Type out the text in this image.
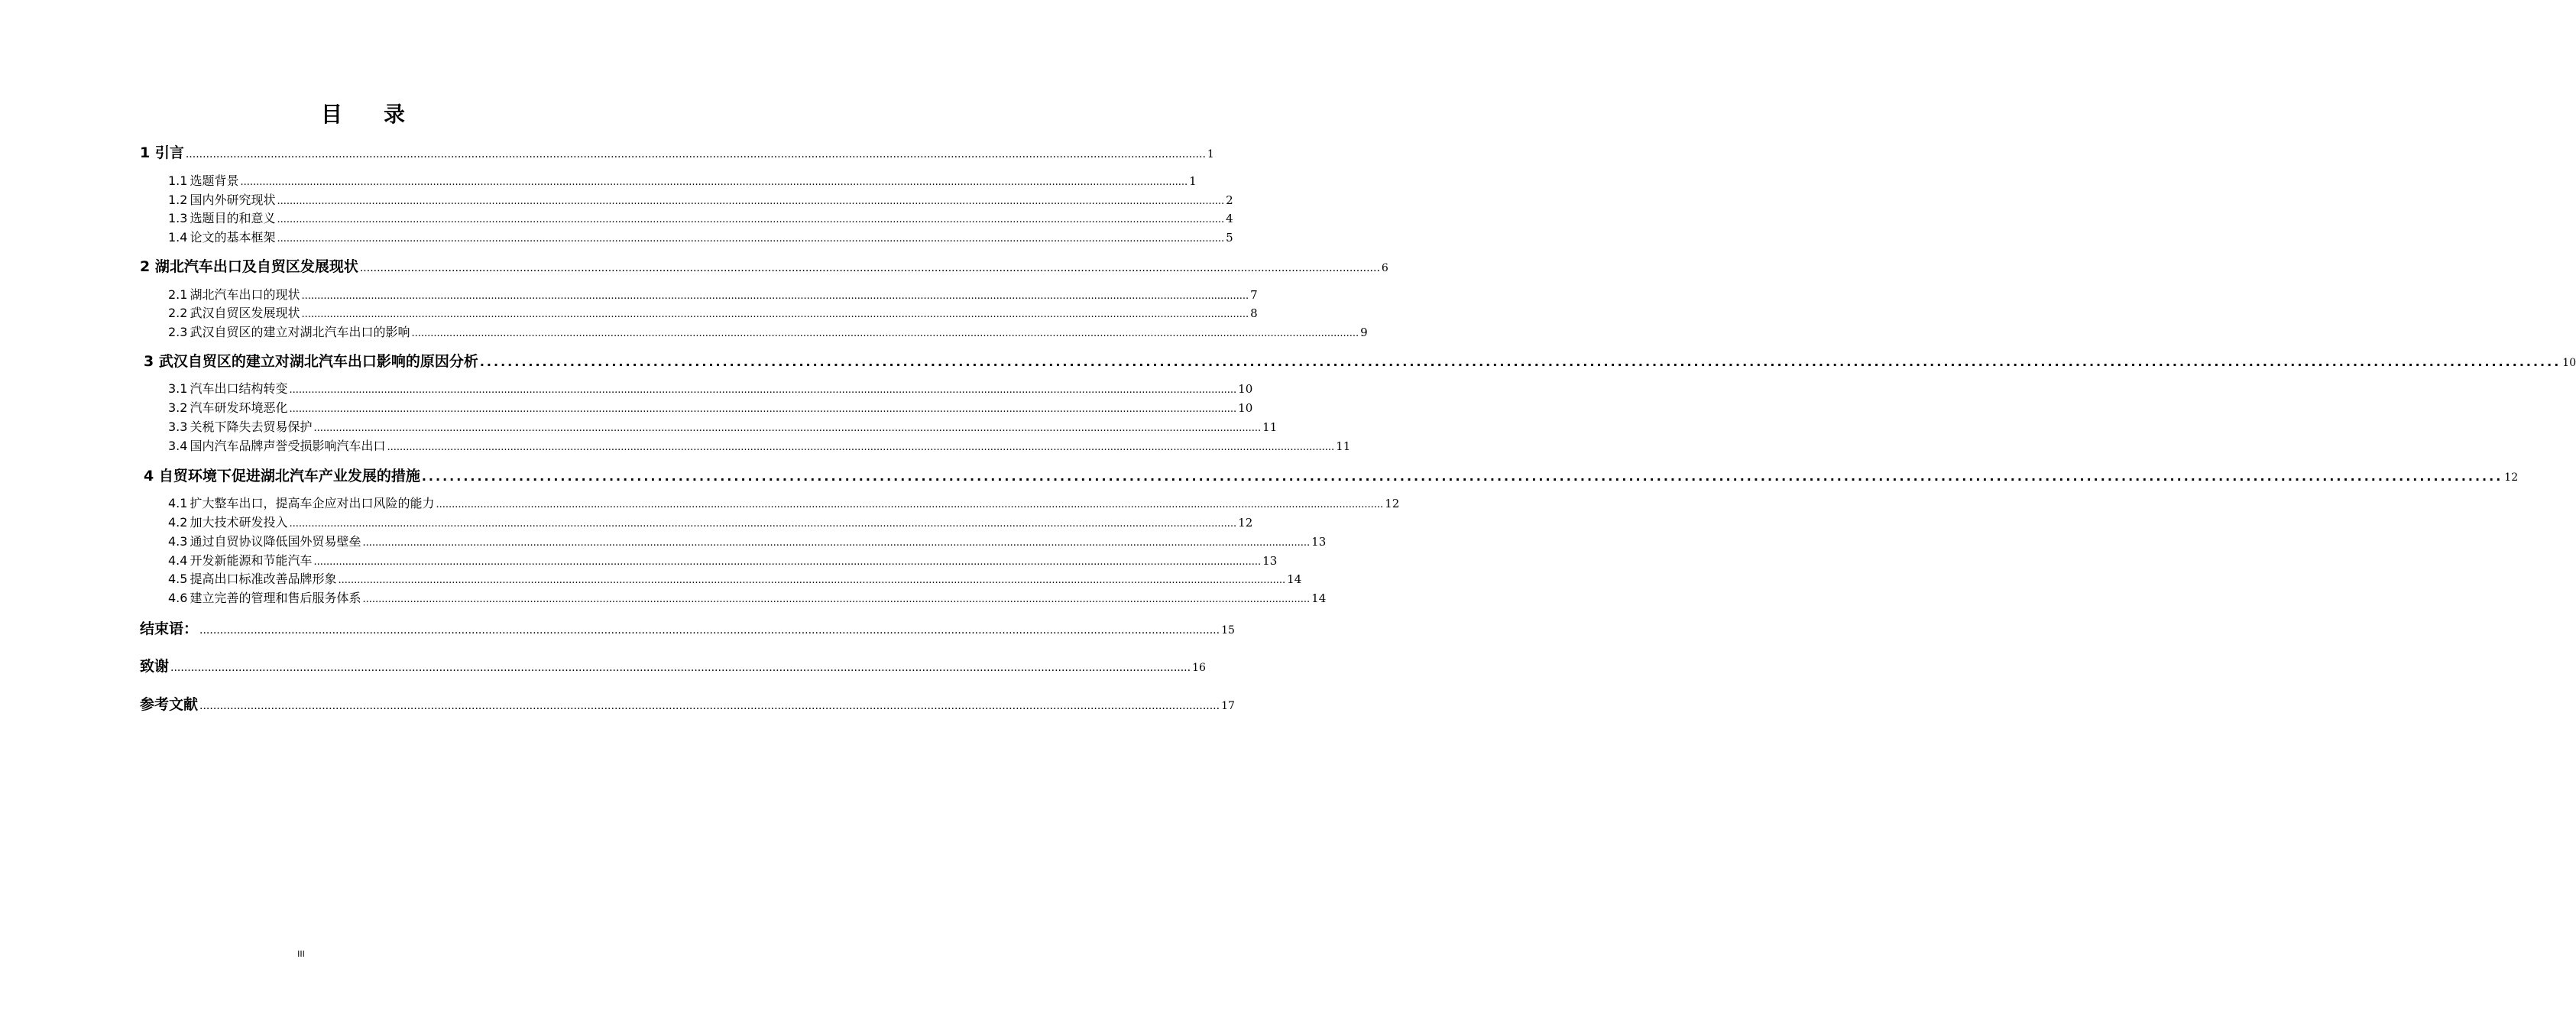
目录
1 引言 ............................................................................................................................................................................................................................................................................................................ 1
1.1 选题背景 ............................................................................................................................................................................................................................................................................................................ 1
1.2 国内外研究现状 ............................................................................................................................................................................................................................................................................................................ 2
1.3 选题目的和意义 ............................................................................................................................................................................................................................................................................................................ 4
1.4 论文的基本框架 ............................................................................................................................................................................................................................................................................................................ 5
2 湖北汽车出口及自贸区发展现状 ............................................................................................................................................................................................................................................................................................................ 6
2.1 湖北汽车出口的现状 ............................................................................................................................................................................................................................................................................................................ 7
2.2 武汉自贸区发展现状 ............................................................................................................................................................................................................................................................................................................ 8
2.3 武汉自贸区的建立对湖北汽车出口的影响 ............................................................................................................................................................................................................................................................................................................ 9
3 武汉自贸区的建立对湖北汽车出口影响的原因分析 ............................................................................................................................................................................................................................................................................................................ 10
3.1 汽车出口结构转变 ............................................................................................................................................................................................................................................................................................................ 10
3.2 汽车研发环境恶化 ............................................................................................................................................................................................................................................................................................................ 10
3.3 关税下降失去贸易保护 ............................................................................................................................................................................................................................................................................................................ 11
3.4 国内汽车品牌声誉受损影响汽车出口 ............................................................................................................................................................................................................................................................................................................ 11
4 自贸环境下促进湖北汽车产业发展的措施 ............................................................................................................................................................................................................................................................................................................ 12
4.1 扩大整车出口，提高车企应对出口风险的能力 ............................................................................................................................................................................................................................................................................................................ 12
4.2 加大技术研发投入 ............................................................................................................................................................................................................................................................................................................ 12
4.3 通过自贸协议降低国外贸易壁垒 ............................................................................................................................................................................................................................................................................................................ 13
4.4 开发新能源和节能汽车 ............................................................................................................................................................................................................................................................................................................ 13
4.5 提高出口标准改善品牌形象 ............................................................................................................................................................................................................................................................................................................ 14
4.6 建立完善的管理和售后服务体系 ............................................................................................................................................................................................................................................................................................................ 14
结束语： ............................................................................................................................................................................................................................................................................................................ 15
致谢 ............................................................................................................................................................................................................................................................................................................ 16
参考文献 ............................................................................................................................................................................................................................................................................................................ 17
III
